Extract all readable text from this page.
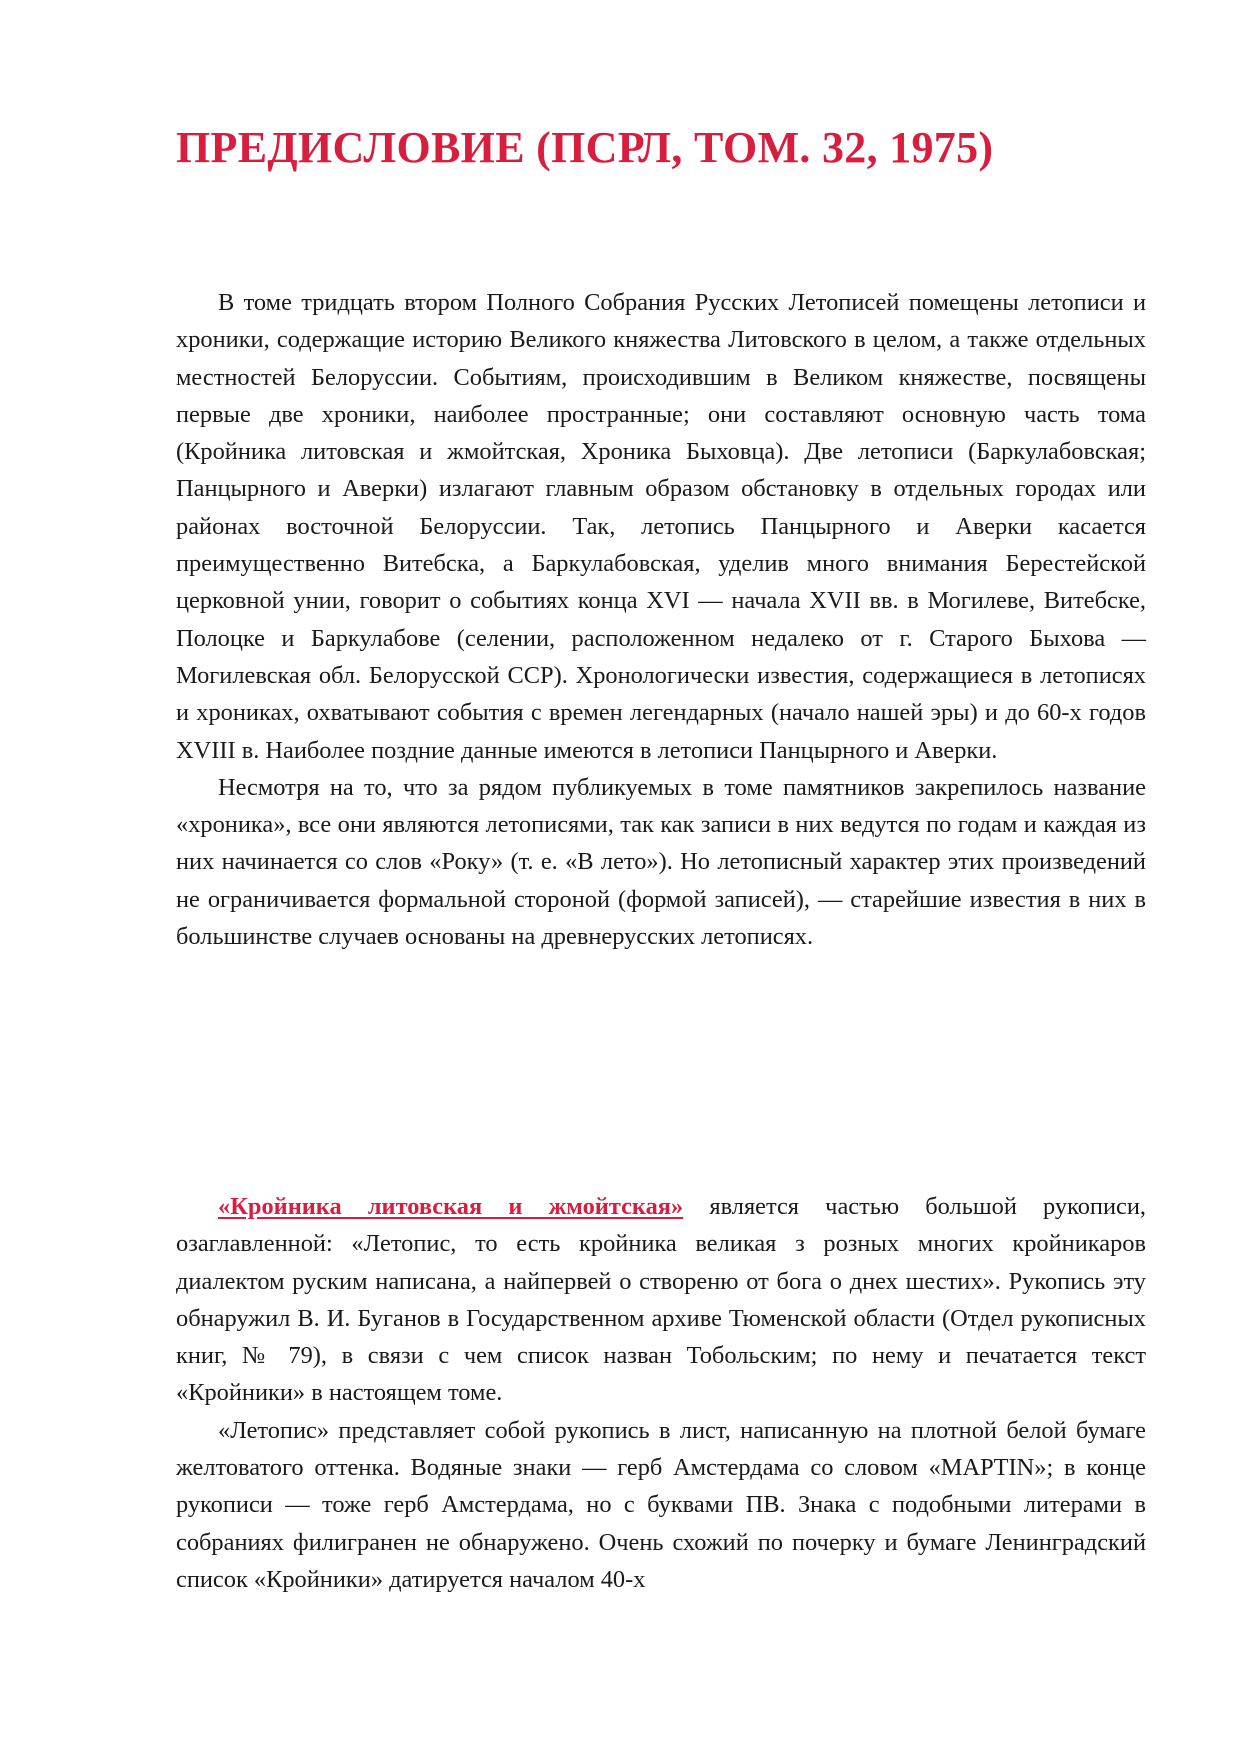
ПРЕДИСЛОВИЕ (ПСРЛ, ТОМ. 32, 1975)

В томе тридцать втором Полного Собрания Русских Летописей помещены летописи и хроники, содержащие историю Великого княжества Литовского в целом, а также отдельных местностей Белоруссии. Событиям, происходившим в Великом княжестве, посвящены первые две хроники, наиболее пространные; они составляют основную часть тома (Кройника литовская и жмойтская, Хроника Быховца). Две летописи (Баркулабовская; Панцырного и Аверки) излагают главным образом обстановку в отдельных городах или районах восточной Белоруссии. Так, летопись Панцырного и Аверки касается преимущественно Витебска, а Баркулабовская, уделив много внимания Берестейской церковной унии, говорит о событиях конца XVI — начала XVII вв. в Могилеве, Витебске, Полоцке и Баркулабове (селении, расположенном недалеко от г. Старого Быхова — Могилевская обл. Белорусской ССР). Хронологически известия, содержащиеся в летописях и хрониках, охватывают события с времен легендарных (начало нашей эры) и до 60-х годов XVIII в. Наиболее поздние данные имеются в летописи Панцырного и Аверки.

Несмотря на то, что за рядом публикуемых в томе памятников закрепилось название «хроника», все они являются летописями, так как записи в них ведутся по годам и каждая из них начинается со слов «Року» (т. е. «В лето»). Но летописный характер этих произведений не ограничивается формальной стороной (формой записей), — старейшие известия в них в большинстве случаев основаны на древнерусских летописях.

«Кройника литовская и жмойтская» является частью большой рукописи, озаглавленной: «Летопис, то есть кройника великая з розных многих кройникаров диалектом руским написана, а найпервей о створеню от бога о днех шестих». Рукопись эту обнаружил В. И. Буганов в Государственном архиве Тюменской области (Отдел рукописных книг, № 79), в связи с чем список назван Тобольским; по нему и печатается текст «Кройники» в настоящем томе.

«Летопис» представляет собой рукопись в лист, написанную на плотной белой бумаге желтоватого оттенка. Водяные знаки — герб Амстердама со словом «MAPTIN»; в конце рукописи — тоже герб Амстердама, но с буквами ПВ. Знака с подобными литерами в собраниях филигранен не обнаружено. Очень схожий по почерку и бумаге Ленинградский список «Кройники» датируется началом 40-х
